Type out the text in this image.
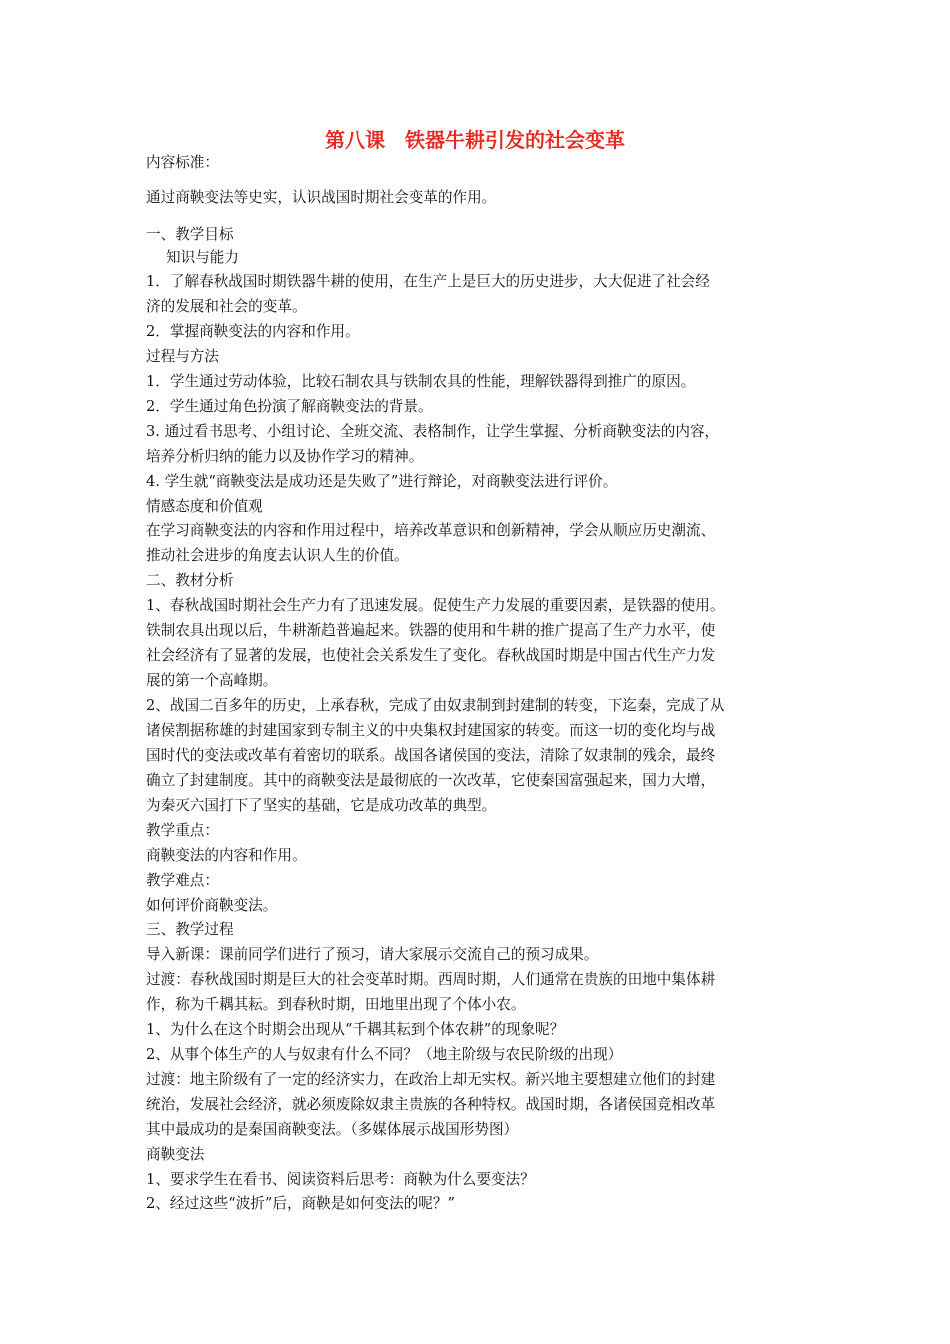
第八课　铁器牛耕引发的社会变革
内容标准：
通过商鞅变法等史实，认识战国时期社会变革的作用。
一、教学目标
知识与能力
1．了解春秋战国时期铁器牛耕的使用，在生产上是巨大的历史进步，大大促进了社会经
济的发展和社会的变革。
2．掌握商鞅变法的内容和作用。
过程与方法
1．学生通过劳动体验，比较石制农具与铁制农具的性能，理解铁器得到推广的原因。
2．学生通过角色扮演了解商鞅变法的背景。
3. 通过看书思考、小组讨论、全班交流、表格制作，让学生掌握、分析商鞅变法的内容，
培养分析归纳的能力以及协作学习的精神。
4. 学生就“商鞅变法是成功还是失败了”进行辩论，对商鞅变法进行评价。
情感态度和价值观
在学习商鞅变法的内容和作用过程中，培养改革意识和创新精神，学会从顺应历史潮流、
推动社会进步的角度去认识人生的价值。
二、教材分析
1、春秋战国时期社会生产力有了迅速发展。促使生产力发展的重要因素，是铁器的使用。
铁制农具出现以后，牛耕渐趋普遍起来。铁器的使用和牛耕的推广提高了生产力水平，使
社会经济有了显著的发展，也使社会关系发生了变化。春秋战国时期是中国古代生产力发
展的第一个高峰期。
2、战国二百多年的历史，上承春秋，完成了由奴隶制到封建制的转变，下迄秦，完成了从
诸侯割据称雄的封建国家到专制主义的中央集权封建国家的转变。而这一切的变化均与战
国时代的变法或改革有着密切的联系。战国各诸侯国的变法，清除了奴隶制的残余，最终
确立了封建制度。其中的商鞅变法是最彻底的一次改革，它使秦国富强起来，国力大增，
为秦灭六国打下了坚实的基础，它是成功改革的典型。
教学重点：
商鞅变法的内容和作用。
教学难点：
如何评价商鞅变法。
三、教学过程
导入新课：课前同学们进行了预习，请大家展示交流自己的预习成果。
过渡：春秋战国时期是巨大的社会变革时期。西周时期，人们通常在贵族的田地中集体耕
作，称为千耦其耘。到春秋时期，田地里出现了个体小农。
1、为什么在这个时期会出现从“千耦其耘到个体农耕”的现象呢？
2、从事个体生产的人与奴隶有什么不同？（地主阶级与农民阶级的出现）
过渡：地主阶级有了一定的经济实力，在政治上却无实权。新兴地主要想建立他们的封建
统治，发展社会经济，就必须废除奴隶主贵族的各种特权。战国时期，各诸侯国竞相改革
其中最成功的是秦国商鞅变法。（多媒体展示战国形势图）
商鞅变法
1、要求学生在看书、阅读资料后思考：商鞅为什么要变法？
2、经过这些“波折”后，商鞅是如何变法的呢？”
